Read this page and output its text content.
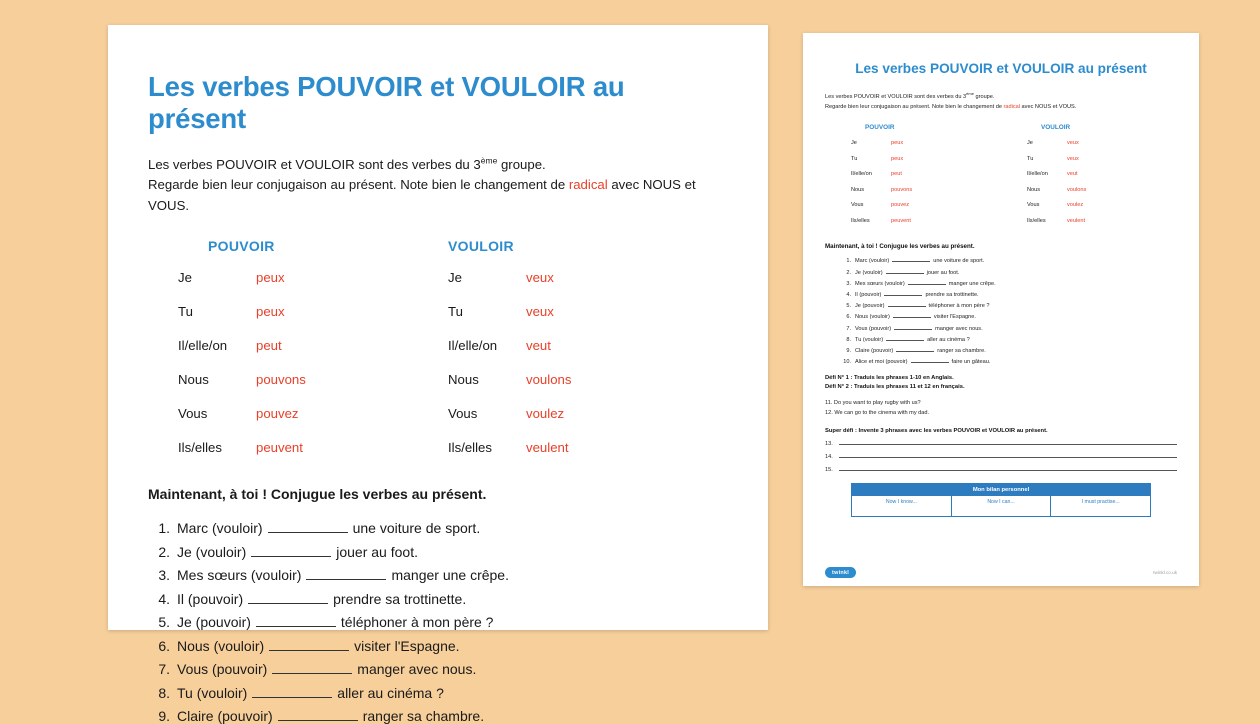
Les verbes POUVOIR et VOULOIR au présent
Les verbes POUVOIR et VOULOIR sont des verbes du 3ème groupe.
Regarde bien leur conjugaison au présent. Note bien le changement de radical avec NOUS et VOUS.
POUVOIR
Je	peux
Tu	peux
Il/elle/on	peut
Nous	pouvons
Vous	pouvez
Ils/elles	peuvent
VOULOIR
Je	veux
Tu	veux
Il/elle/on	veut
Nous	voulons
Vous	voulez
Ils/elles	veulent
Maintenant, à toi ! Conjugue les verbes au présent.
1. Marc (vouloir)	une voiture de sport.
2. Je (vouloir)	jouer au foot.
3. Mes sœurs (vouloir)	manger une crêpe.
4. Il (pouvoir)	prendre sa trottinette.
5. Je (pouvoir)	téléphoner à mon père ?
6. Nous (vouloir)	visiter l'Espagne.
7. Vous (pouvoir)	manger avec nous.
8. Tu (vouloir)	aller au cinéma ?
9. Claire (pouvoir)	ranger sa chambre.
Les verbes POUVOIR et VOULOIR au présent
Les verbes POUVOIR et VOULOIR sont des verbes du 3ème groupe.
Regarde bien leur conjugaison au présent. Note bien le changement de radical avec NOUS et VOUS.
POUVOIR
Je	peux
Tu	peux
Il/elle/on	peut
Nous	pouvons
Vous	pouvez
Ils/elles	peuvent
VOULOIR
Je	veux
Tu	veux
Il/elle/on	veut
Nous	voulons
Vous	voulez
Ils/elles	veulent
Maintenant, à toi ! Conjugue les verbes au présent.
1. Marc (vouloir)	une voiture de sport.
2. Je (vouloir)	jouer au foot.
3. Mes sœurs (vouloir)	manger une crêpe.
4. Il (pouvoir)	prendre sa trottinette.
5. Je (pouvoir)	téléphoner à mon père ?
6. Nous (vouloir)	visiter l'Espagne.
7. Vous (pouvoir)	manger avec nous.
8. Tu (vouloir)	aller au cinéma ?
9. Claire (pouvoir)	ranger sa chambre.
10. Alice et moi (pouvoir)	faire un gâteau.
Défi N° 1 : Traduis les phrases 1-10 en Anglais.
Défi N° 2 : Traduis les phrases 11 et 12 en français.
11. Do you want to play rugby with us?
12. We can go to the cinema with my dad.
Super défi : Invente 3 phrases avec les verbes POUVOIR et VOULOIR au présent.
13.
14.
15.
Mon bilan personnel
Now I know...	Now I can...	I must practise...
twinkl	twinkl.co.uk
